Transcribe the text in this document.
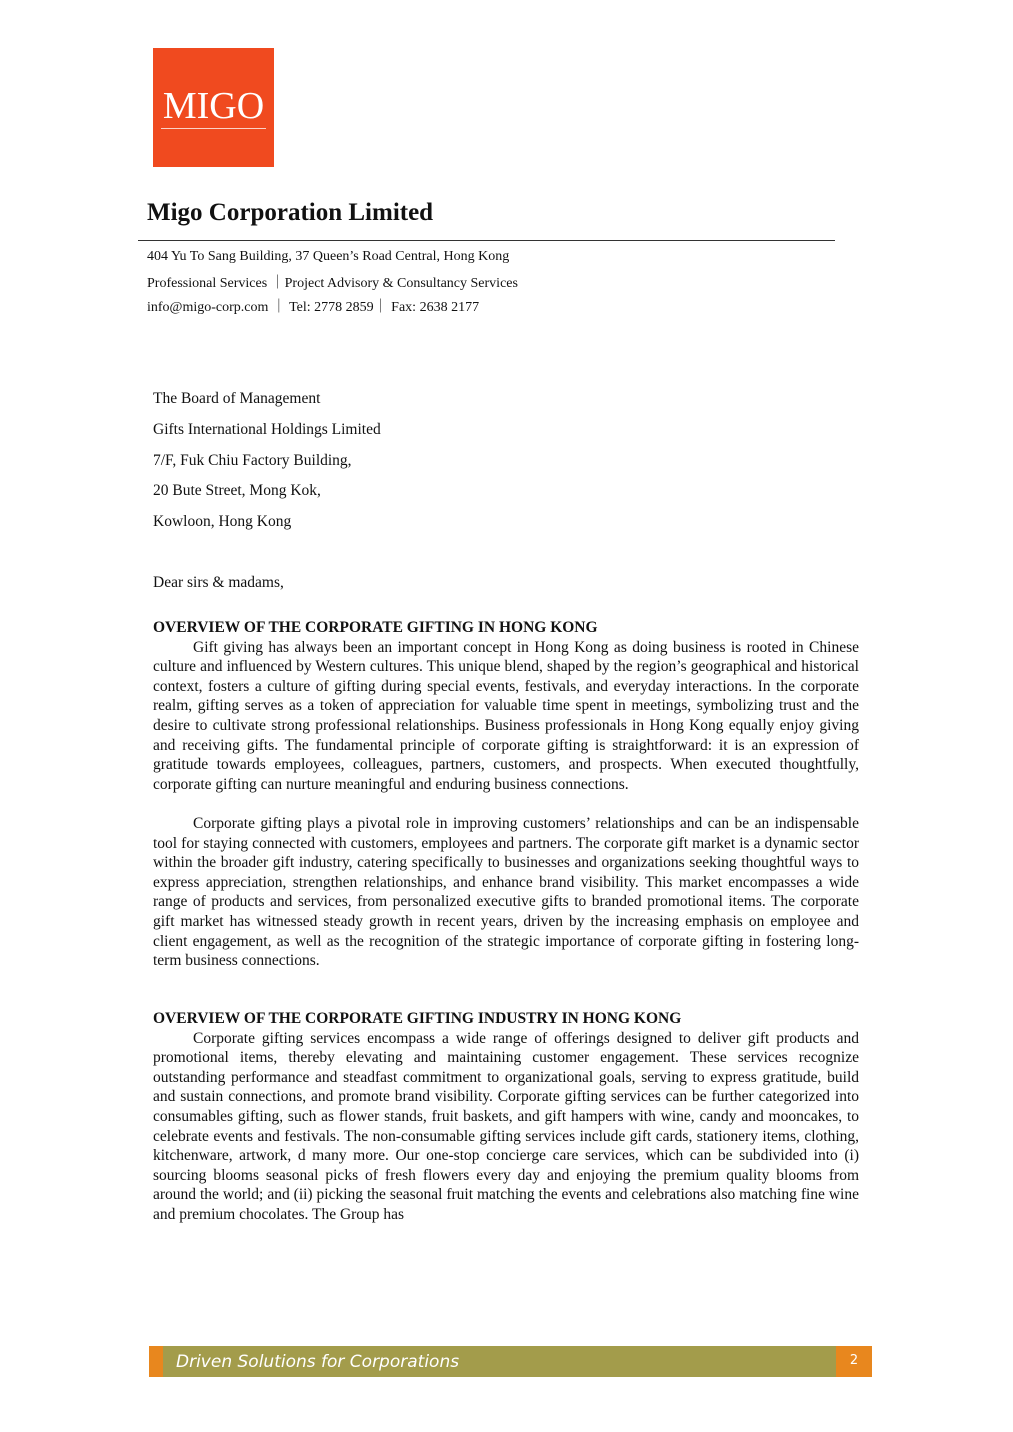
MIGO
Migo Corporation Limited
404 Yu To Sang Building, 37 Queen’s Road Central, Hong Kong
Professional Services ｜Project Advisory & Consultancy Services
info@migo-corp.com ｜ Tel: 2778 2859｜ Fax: 2638 2177
The Board of Management
Gifts International Holdings Limited
7/F, Fuk Chiu Factory Building,
20 Bute Street, Mong Kok,
Kowloon, Hong Kong
Dear sirs & madams,
OVERVIEW OF THE CORPORATE GIFTING IN HONG KONG

Gift giving has always been an important concept in Hong Kong as doing business is rooted in Chinese culture and influenced by Western cultures. This unique blend, shaped by the region’s geographical and historical context, fosters a culture of gifting during special events, festivals, and everyday interactions. In the corporate realm, gifting serves as a token of appreciation for valuable time spent in meetings, symbolizing trust and the desire to cultivate strong professional relationships. Business professionals in Hong Kong equally enjoy giving and receiving gifts. The fundamental principle of corporate gifting is straightforward: it is an expression of gratitude towards employees, colleagues, partners, customers, and prospects. When executed thoughtfully, corporate gifting can nurture meaningful and enduring business connections.

Corporate gifting plays a pivotal role in improving customers’ relationships and can be an indispensable tool for staying connected with customers, employees and partners. The corporate gift market is a dynamic sector within the broader gift industry, catering specifically to businesses and organizations seeking thoughtful ways to express appreciation, strengthen relationships, and enhance brand visibility. This market encompasses a wide range of products and services, from personalized executive gifts to branded promotional items. The corporate gift market has witnessed steady growth in recent years, driven by the increasing emphasis on employee and client engagement, as well as the recognition of the strategic importance of corporate gifting in fostering long-term business connections.

OVERVIEW OF THE CORPORATE GIFTING INDUSTRY IN HONG KONG

Corporate gifting services encompass a wide range of offerings designed to deliver gift products and promotional items, thereby elevating and maintaining customer engagement. These services recognize outstanding performance and steadfast commitment to organizational goals, serving to express gratitude, build and sustain connections, and promote brand visibility. Corporate gifting services can be further categorized into consumables gifting, such as flower stands, fruit baskets, and gift hampers with wine, candy and mooncakes, to celebrate events and festivals. The non-consumable gifting services include gift cards, stationery items, clothing, kitchenware, artwork, d many more. Our one-stop concierge care services, which can be subdivided into (i) sourcing blooms seasonal picks of fresh flowers every day and enjoying the premium quality blooms from around the world; and (ii) picking the seasonal fruit matching the events and celebrations also matching fine wine and premium chocolates. The Group has

Driven Solutions for Corporations	2
